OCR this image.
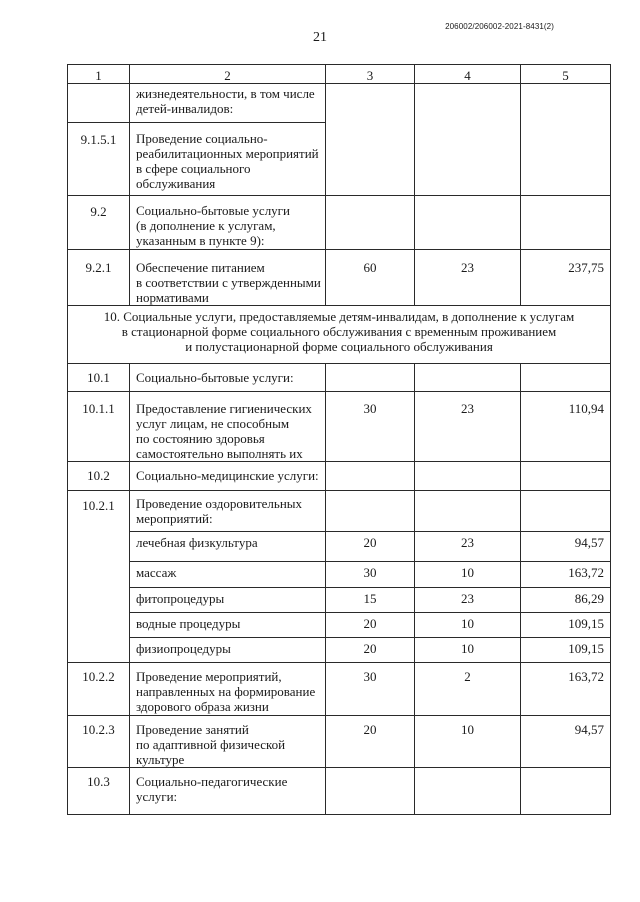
21
206002/206002-2021-8431(2)
1	2	3	4	5

	жизнедеятельности, в том числе
детей-инвалидов:			

9.1.5.1	Проведение социально-
реабилитационных мероприятий
в сфере социального
обслуживания			

9.2	Социально-бытовые услуги
(в дополнение к услугам,
указанным в пункте 9):			

9.2.1	Обеспечение питанием
в соответствии с утвержденными
нормативами	60	23	237,75

10. Социальные услуги, предоставляемые детям-инвалидам, в дополнение к услугам
в стационарной форме социального обслуживания с временным проживанием
и полустационарной форме социального обслуживания				

10.1	Социально-бытовые услуги:			

10.1.1	Предоставление гигиенических
услуг лицам, не способным
по состоянию здоровья
самостоятельно выполнять их	30	23	110,94
10.2	Социально-медицинские услуги:			

10.2.1	Проведение оздоровительных
мероприятий:			

	лечебная физкультура	20	23	94,57
	массаж	30	10	163,72
	фитопроцедуры	15	23	86,29
	водные процедуры	20	10	109,15
	физиопроцедуры	20	10	109,15
10.2.2	Проведение мероприятий,
направленных на формирование
здорового образа жизни	30	2	163,72
10.2.3	Проведение занятий
по адаптивной физической
культуре	20	10	94,57
10.3	Социально-педагогические
услуги:			
